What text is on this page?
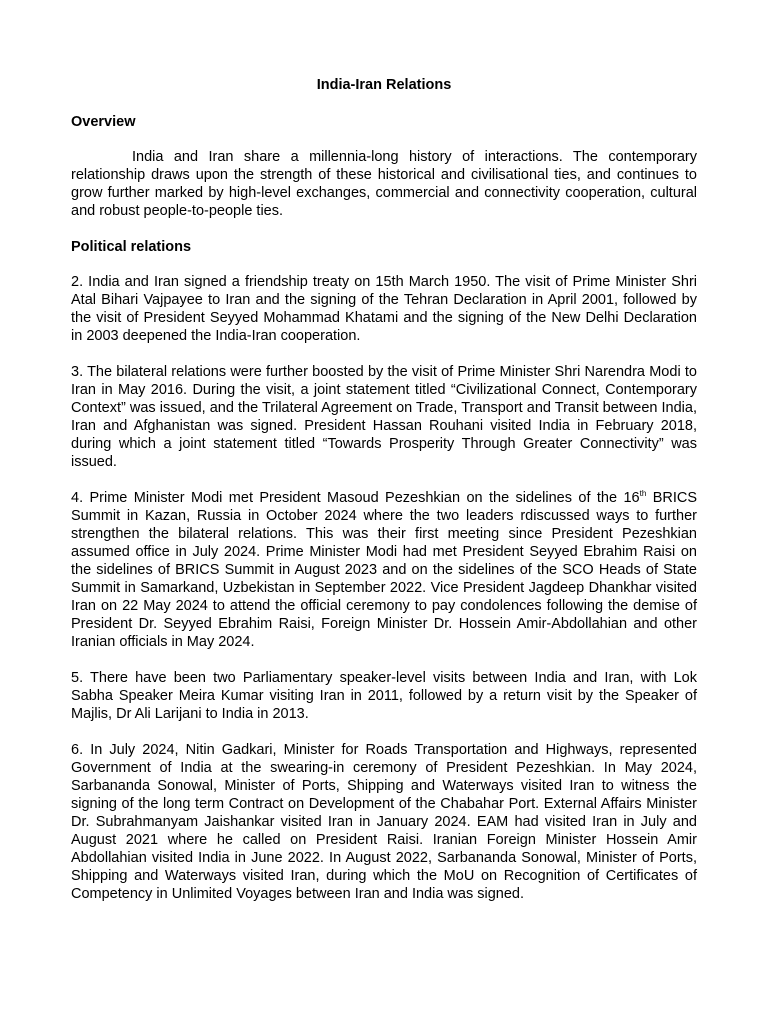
India-Iran Relations
Overview

India and Iran share a millennia-long history of interactions. The contemporary relationship draws upon the strength of these historical and civilisational ties, and continues to grow further marked by high-level exchanges, commercial and connectivity cooperation, cultural and robust people-to-people ties.

Political relations

2. India and Iran signed a friendship treaty on 15th March 1950. The visit of Prime Minister Shri Atal Bihari Vajpayee to Iran and the signing of the Tehran Declaration in April 2001, followed by the visit of President Seyyed Mohammad Khatami and the signing of the New Delhi Declaration in 2003 deepened the India-Iran cooperation.

3. The bilateral relations were further boosted by the visit of Prime Minister Shri Narendra Modi to Iran in May 2016. During the visit, a joint statement titled “Civilizational Connect, Contemporary Context” was issued, and the Trilateral Agreement on Trade, Transport and Transit between India, Iran and Afghanistan was signed. President Hassan Rouhani visited India in February 2018, during which a joint statement titled “Towards Prosperity Through Greater Connectivity” was issued.

4. Prime Minister Modi met President Masoud Pezeshkian on the sidelines of the 16th BRICS Summit in Kazan, Russia in October 2024 where the two leaders rdiscussed ways to further strengthen the bilateral relations. This was their first meeting since President Pezeshkian assumed office in July 2024. Prime Minister Modi had met President Seyyed Ebrahim Raisi on the sidelines of BRICS Summit in August 2023 and on the sidelines of the SCO Heads of State Summit in Samarkand, Uzbekistan in September 2022. Vice President Jagdeep Dhankhar visited Iran on 22 May 2024 to attend the official ceremony to pay condolences following the demise of President Dr. Seyyed Ebrahim Raisi, Foreign Minister Dr. Hossein Amir-Abdollahian and other Iranian officials in May 2024.

5. There have been two Parliamentary speaker-level visits between India and Iran, with Lok Sabha Speaker Meira Kumar visiting Iran in 2011, followed by a return visit by the Speaker of Majlis, Dr Ali Larijani to India in 2013.

6. In July 2024, Nitin Gadkari, Minister for Roads Transportation and Highways, represented Government of India at the swearing-in ceremony of President Pezeshkian. In May 2024, Sarbananda Sonowal, Minister of Ports, Shipping and Waterways visited Iran to witness the signing of the long term Contract on Development of the Chabahar Port. External Affairs Minister Dr. Subrahmanyam Jaishankar visited Iran in January 2024. EAM had visited Iran in July and August 2021 where he called on President Raisi. Iranian Foreign Minister Hossein Amir Abdollahian visited India in June 2022. In August 2022, Sarbananda Sonowal, Minister of Ports, Shipping and Waterways visited Iran, during which the MoU on Recognition of Certificates of Competency in Unlimited Voyages between Iran and India was signed.
